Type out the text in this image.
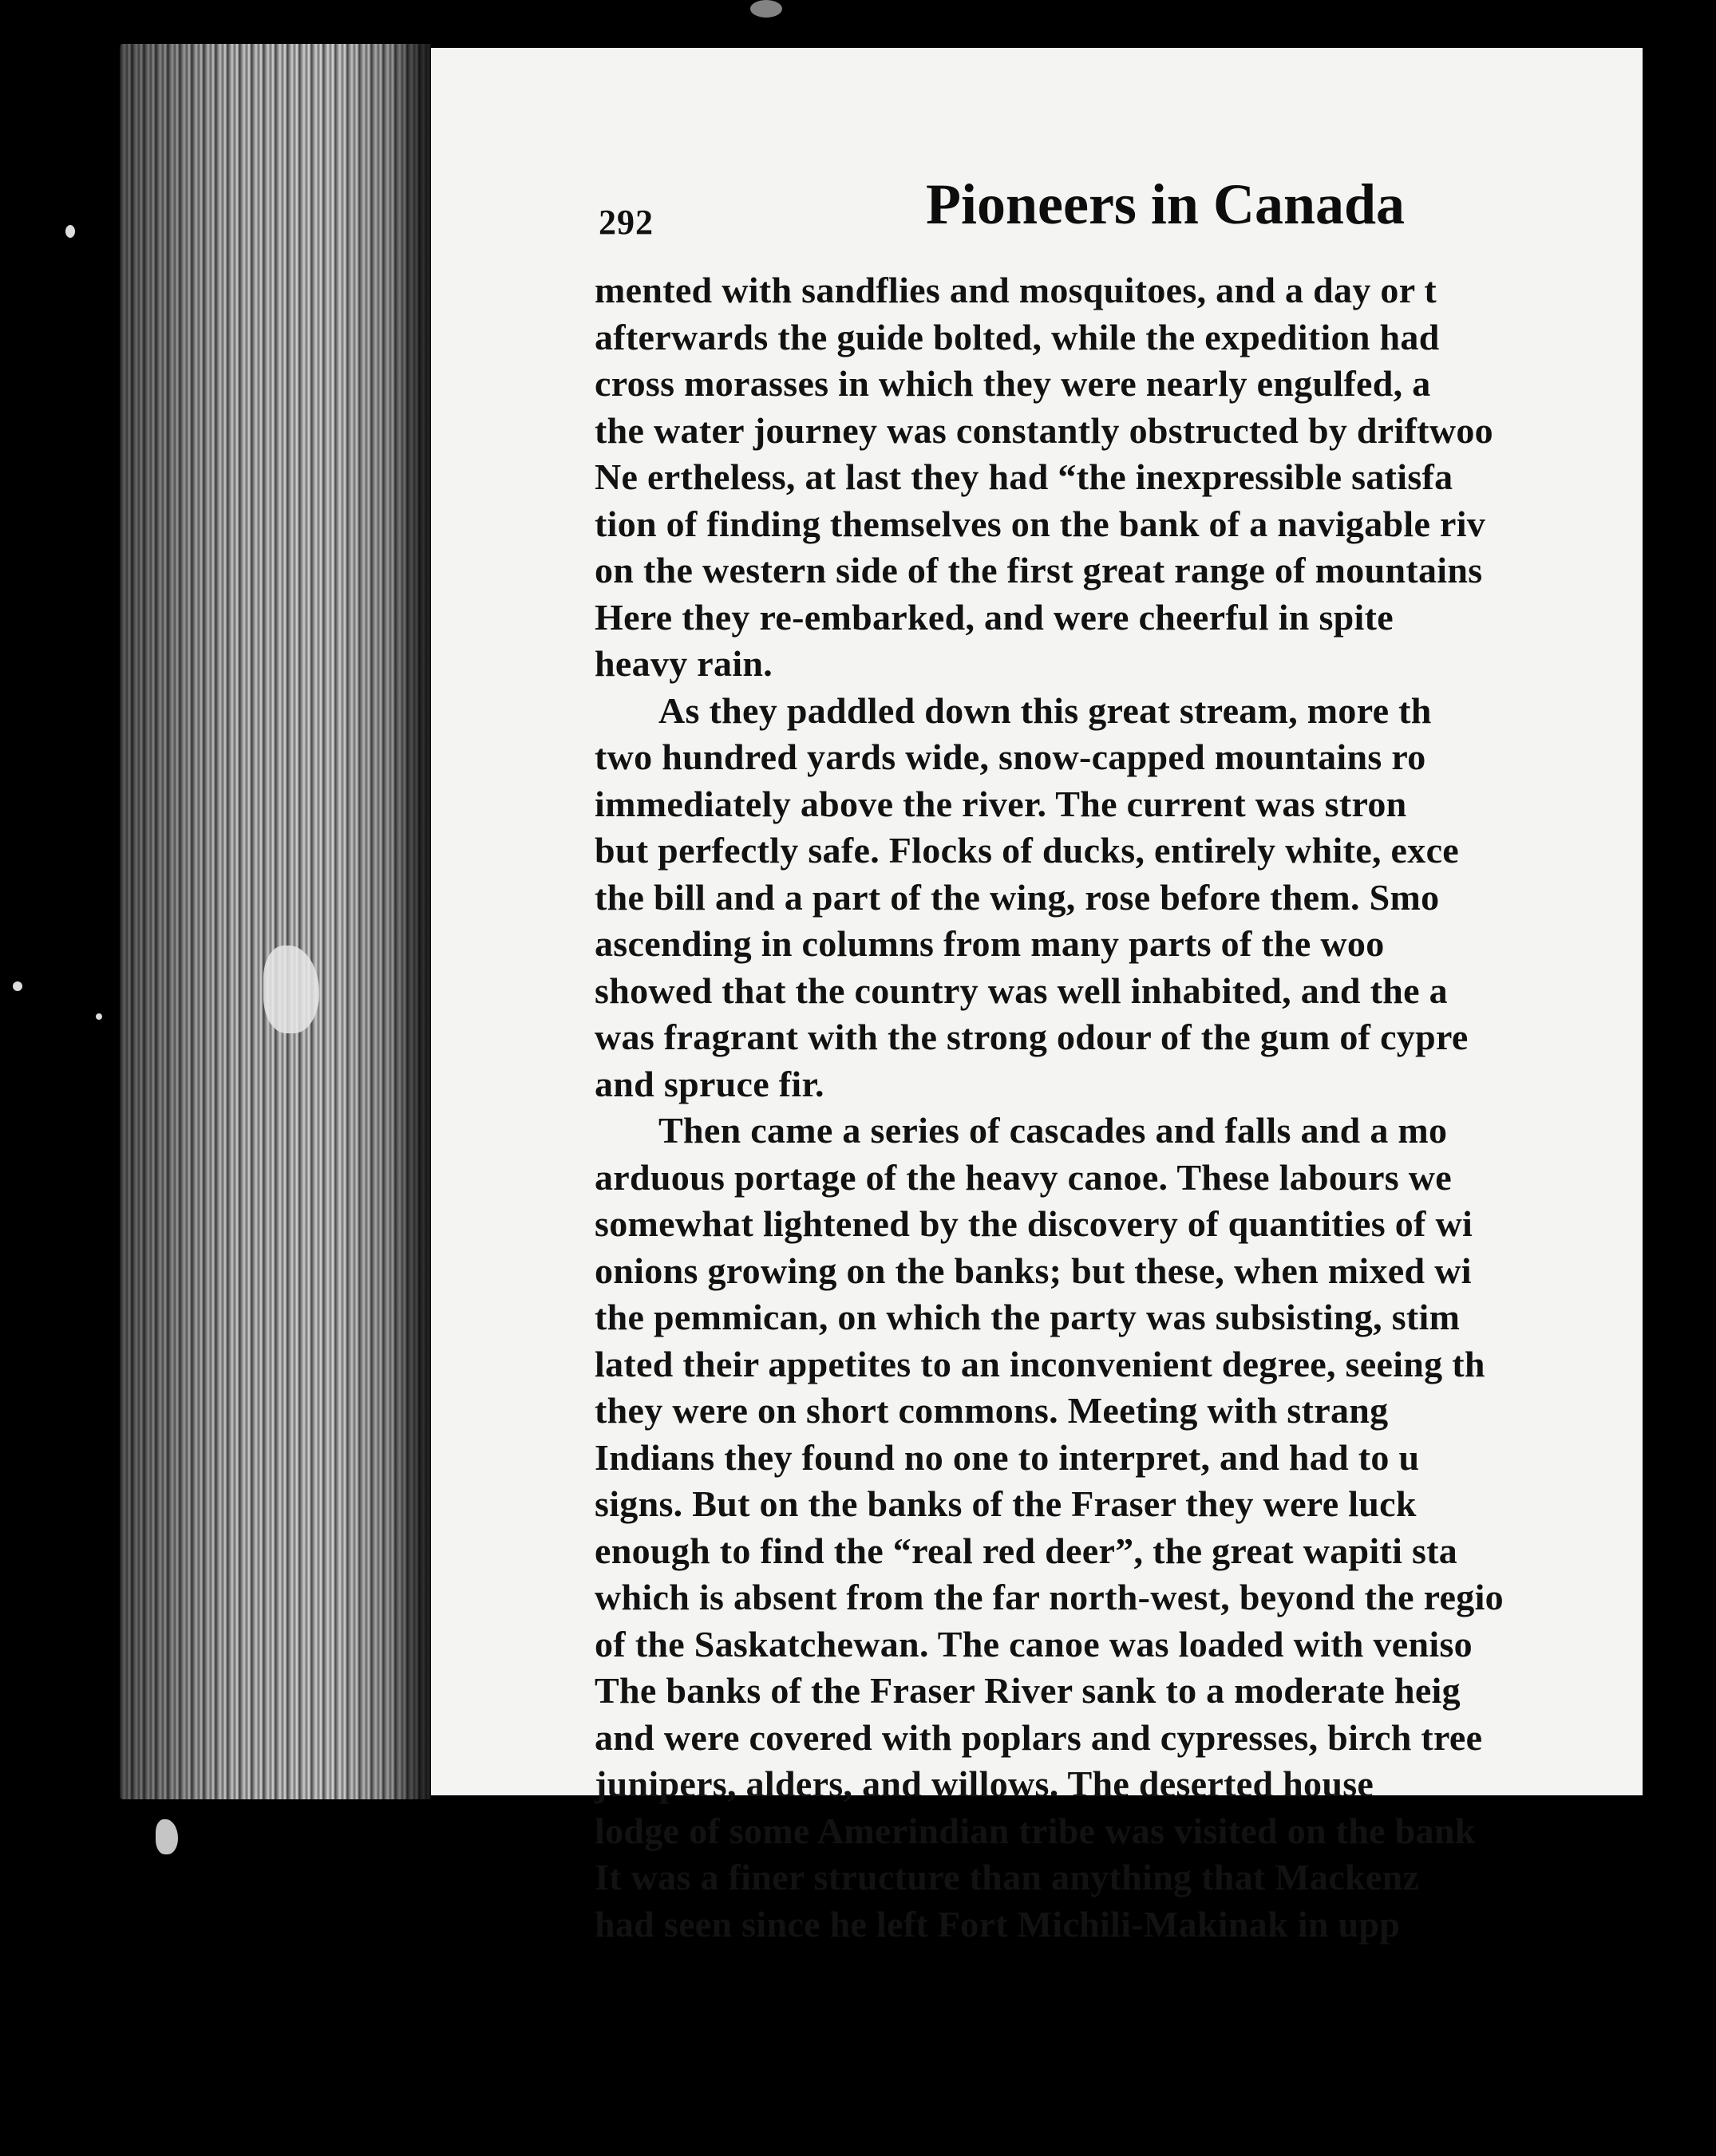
292	Pioneers in Canada
mented with sandflies and mosquitoes, and a day or t
afterwards the guide bolted, while the expedition had
cross morasses in which they were nearly engulfed, a
the water journey was constantly obstructed by driftwoo
Ne ertheless, at last they had “the inexpressible satisfa
tion of finding themselves on the bank of a navigable riv
on the western side of the first great range of mountains
Here they re-embarked, and were cheerful in spite
heavy rain.
As they paddled down this great stream, more th
two hundred yards wide, snow-capped mountains ro
immediately above the river. The current was stron
but perfectly safe. Flocks of ducks, entirely white, exce
the bill and a part of the wing, rose before them. Smo
ascending in columns from many parts of the woo
showed that the country was well inhabited, and the a
was fragrant with the strong odour of the gum of cypre
and spruce fir.
Then came a series of cascades and falls and a mo
arduous portage of the heavy canoe. These labours we
somewhat lightened by the discovery of quantities of wi
onions growing on the banks; but these, when mixed wi
the pemmican, on which the party was subsisting, stim
lated their appetites to an inconvenient degree, seeing th
they were on short commons. Meeting with strang
Indians they found no one to interpret, and had to u
signs. But on the banks of the Fraser they were luck
enough to find the “real red deer”, the great wapiti sta
which is absent from the far north-west, beyond the regio
of the Saskatchewan. The canoe was loaded with veniso
The banks of the Fraser River sank to a moderate heig
and were covered with poplars and cypresses, birch tree
junipers, alders, and willows. The deserted house
lodge of some Amerindian tribe was visited on the bank
It was a finer structure than anything that Mackenz
had seen since he left Fort Michili-Makinak in upp
